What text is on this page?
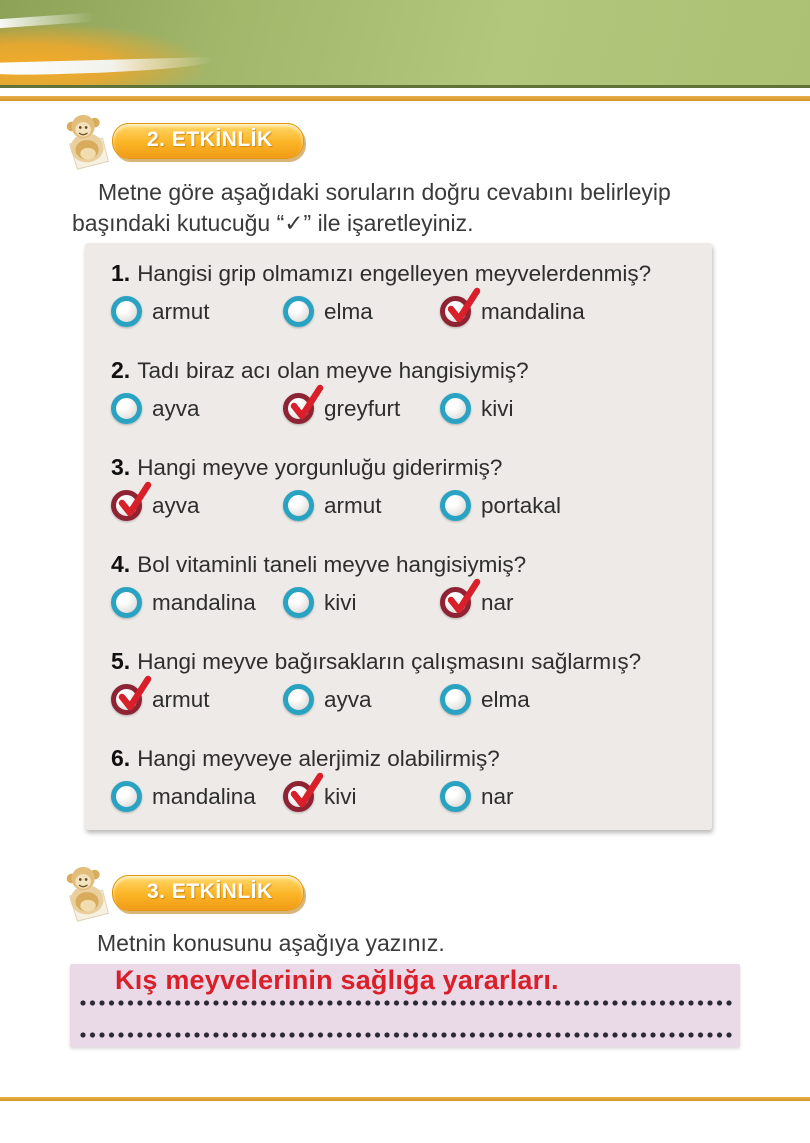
2. ETKİNLİK
Metne göre aşağıdaki soruların doğru cevabını belirleyip
başındaki kutucuğu “✓” ile işaretleyiniz.
1. Hangisi grip olmamızı engelleyen meyvelerdenmiş?
armut	elma	mandalina
2. Tadı biraz acı olan meyve hangisiymiş?
ayva	greyfurt	kivi
3. Hangi meyve yorgunluğu giderirmiş?
ayva	armut	portakal
4. Bol vitaminli taneli meyve hangisiymiş?
mandalina	kivi	nar
5. Hangi meyve bağırsakların çalışmasını sağlarmış?
armut	ayva	elma
6. Hangi meyveye alerjimiz olabilirmiş?
mandalina	kivi	nar
3. ETKİNLİK
Metnin konusunu aşağıya yazınız.
Kış meyvelerinin sağlığa yararları.
